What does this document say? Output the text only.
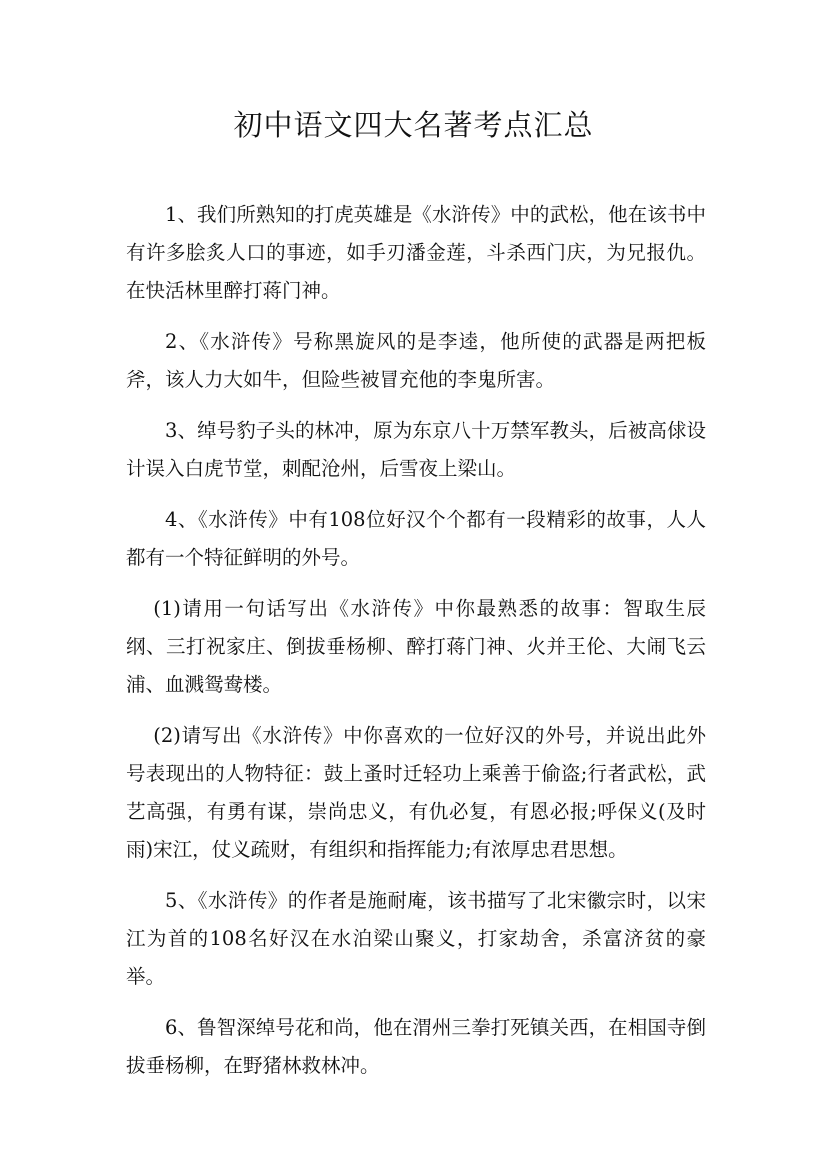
初中语文四大名著考点汇总

1、我们所熟知的打虎英雄是《水浒传》中的武松，他在该书中有许多脍炙人口的事迹，如手刃潘金莲，斗杀西门庆，为兄报仇。在快活林里醉打蒋门神。

2、《水浒传》号称黑旋风的是李逵，他所使的武器是两把板斧，该人力大如牛，但险些被冒充他的李鬼所害。

3、绰号豹子头的林冲，原为东京八十万禁军教头，后被高俅设计误入白虎节堂，刺配沧州，后雪夜上梁山。

4、《水浒传》中有108位好汉个个都有一段精彩的故事，人人都有一个特征鲜明的外号。

(1)请用一句话写出《水浒传》中你最熟悉的故事：智取生辰纲、三打祝家庄、倒拔垂杨柳、醉打蒋门神、火并王伦、大闹飞云浦、血溅鸳鸯楼。

(2)请写出《水浒传》中你喜欢的一位好汉的外号，并说出此外号表现出的人物特征：鼓上蚤时迁轻功上乘善于偷盗;行者武松，武艺高强，有勇有谋，崇尚忠义，有仇必复，有恩必报;呼保义(及时雨)宋江，仗义疏财，有组织和指挥能力;有浓厚忠君思想。

5、《水浒传》的作者是施耐庵，该书描写了北宋徽宗时，以宋江为首的108名好汉在水泊梁山聚义，打家劫舍，杀富济贫的豪举。

6、鲁智深绰号花和尚，他在渭州三拳打死镇关西，在相国寺倒拔垂杨柳，在野猪林救林冲。
